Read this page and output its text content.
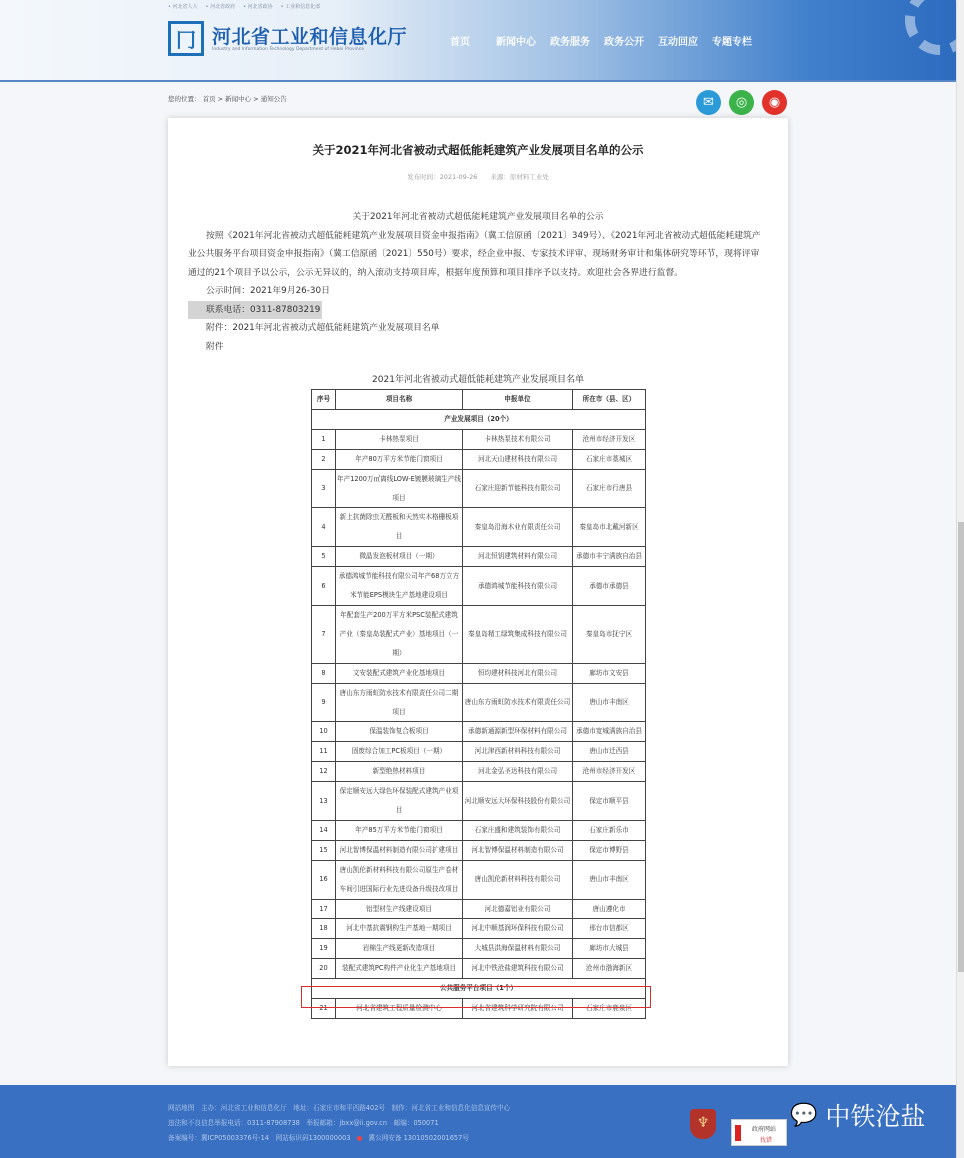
• 河北省人大 • 河北省政府 • 河北省政协 • 工业和信息化部
冂 河北省工业和信息化厅
Industry and Information Technology Department of Hebei Province
首页	新闻中心 政务服务 政务公开 互动回应 专题专栏
您的位置： 首页 > 新闻中心 > 通知公告	✉	◎	◉
关于2021年河北省被动式超低能耗建筑产业发展项目名单的公示
发布时间：2021-09-26　　来源：原材料工业处
关于2021年河北省被动式超低能耗建筑产业发展项目名单的公示
按照《2021年河北省被动式超低能耗建筑产业发展项目资金申报指南》（冀工信原函〔2021〕349号）、《2021年河北省被动式超低能耗建筑产业公共服务平台项目资金申报指南》（冀工信原函〔2021〕550号）要求，经企业申报、专家技术评审、现场财务审计和集体研究等环节，现将评审通过的21个项目予以公示，公示无异议的，纳入滚动支持项目库，根据年度预算和项目排序予以支持。欢迎社会各界进行监督。
公示时间：2021年9月26-30日
联系电话：0311-87803219
附件：2021年河北省被动式超低能耗建筑产业发展项目名单
附件
2021年河北省被动式超低能耗建筑产业发展项目名单
序号	项目名称	申报单位	所在市（县、区）
产业发展项目（20个）			
1	卡林热泵项目	卡林热泵技术有限公司	沧州市经济开发区
2	年产80万平方米节能门窗项目	河北天山建材科技有限公司	石家庄市藁城区
3	年产1200万㎡离线LOW-E镀膜玻璃生产线项目	石家庄迎新节能科技有限公司	石家庄市行唐县
4	新上抗菌除虫无醛板和天然实木格栅板项目	秦皇岛沿海木业有限责任公司	秦皇岛市北戴河新区
5	微晶发泡板材项目（一期）	河北恒钥建筑材料有限公司	承德市丰宁满族自治县
6	承德鸿城节能科技有限公司年产68万立方米节能EPS模块生产基地建设项目	承德鸿城节能科技有限公司	承德市承德县
7	年配套生产200万平方米PSC装配式建筑产业（秦皇岛装配式产业）基地项目（一期）	秦皇岛精工绿筑集成科技有限公司	秦皇岛市抚宁区
8	文安装配式建筑产业化基地项目	恒均建材科技河北有限公司	廊坊市文安县
9	唐山东方雨虹防水技术有限责任公司二期项目	唐山东方雨虹防水技术有限责任公司	唐山市丰南区
10	保温装饰复合板项目	承德新通源新型环保材料有限公司	承德市宽城满族自治县
11	固废综合加工PC板项目（一期）	河北津西新材料科技有限公司	唐山市迁西县
12	新型绝热材料项目	河北金弘圣达科技有限公司	沧州市经济开发区
13	保定顺安远大绿色环保装配式建筑产业项目	河北顺安远大环保科技股份有限公司	保定市顺平县
14	年产85万平方米节能门窗项目	石家庄盛和建筑装饰有限公司	石家庄新乐市
15	河北智博保温材料制造有限公司扩建项目	河北智博保温材料制造有限公司	保定市博野县
16	唐山凯伦新材料科技有限公司原生产卷材车间引进国际行业先进设备升级技改项目	唐山凯伦新材料科技有限公司	唐山市丰南区
17	铝型材生产线建设项目	河北德嘉铝业有限公司	唐山遵化市
18	河北中基抗震钢构生产基地一期项目	河北中顺基润环保科技有限公司	邢台市信都区
19	岩棉生产线更新改造项目	大城县洪海保温材料有限公司	廊坊市大城县
20	装配式建筑PC构件产业化生产基地项目	河北中铁沧盐建筑科技有限公司	沧州市渤海新区
公共服务平台项目（1个）			
21	河北省建筑工程质量检测中心	河北省建筑科学研究院有限公司	石家庄市鹿泉区
网站地图　主办：河北省工业和信息化厅　地址：石家庄市和平西路402号　制作：河北省工业和信息化信息宣传中心
违法和不良信息举报电话：0311-87908738　举报邮箱：jbxx@ii.gov.cn　邮编：050071
备案编号：冀ICP05003376号-14　网站标识码1300000003 ● 冀公网安备 13010502001657号
♆	政府网站
找错
💬 中铁沧盐
